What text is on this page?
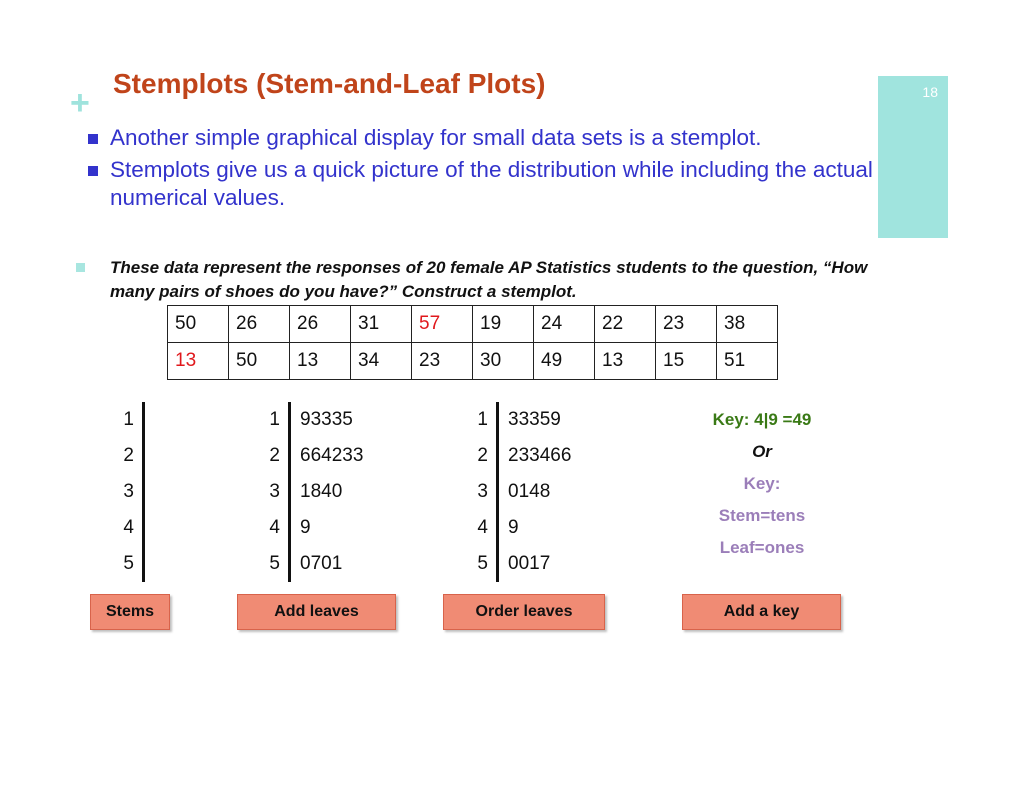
+
Stemplots (Stem-and-Leaf Plots)	18
Another simple graphical display for small data sets is a stemplot.
Stemplots give us a quick picture of the distribution while including the actual numerical values.
These data represent the responses of 20 female AP Statistics students to the question, “How many pairs of shoes do you have?” Construct a stemplot.
50	26	26	31	57	19	24	22	23	38
13	50	13	34	23	30	49	13	15	51
1
2
3
4
5
1 93335
2 664233
3 1840
4 9
5 0701
1 33359
2 233466
3 0148
4 9
5 0017
Key: 4|9 =49
Or
Key:
Stem=tens
Leaf=ones
Stems	Add leaves	Order leaves	Add a key
